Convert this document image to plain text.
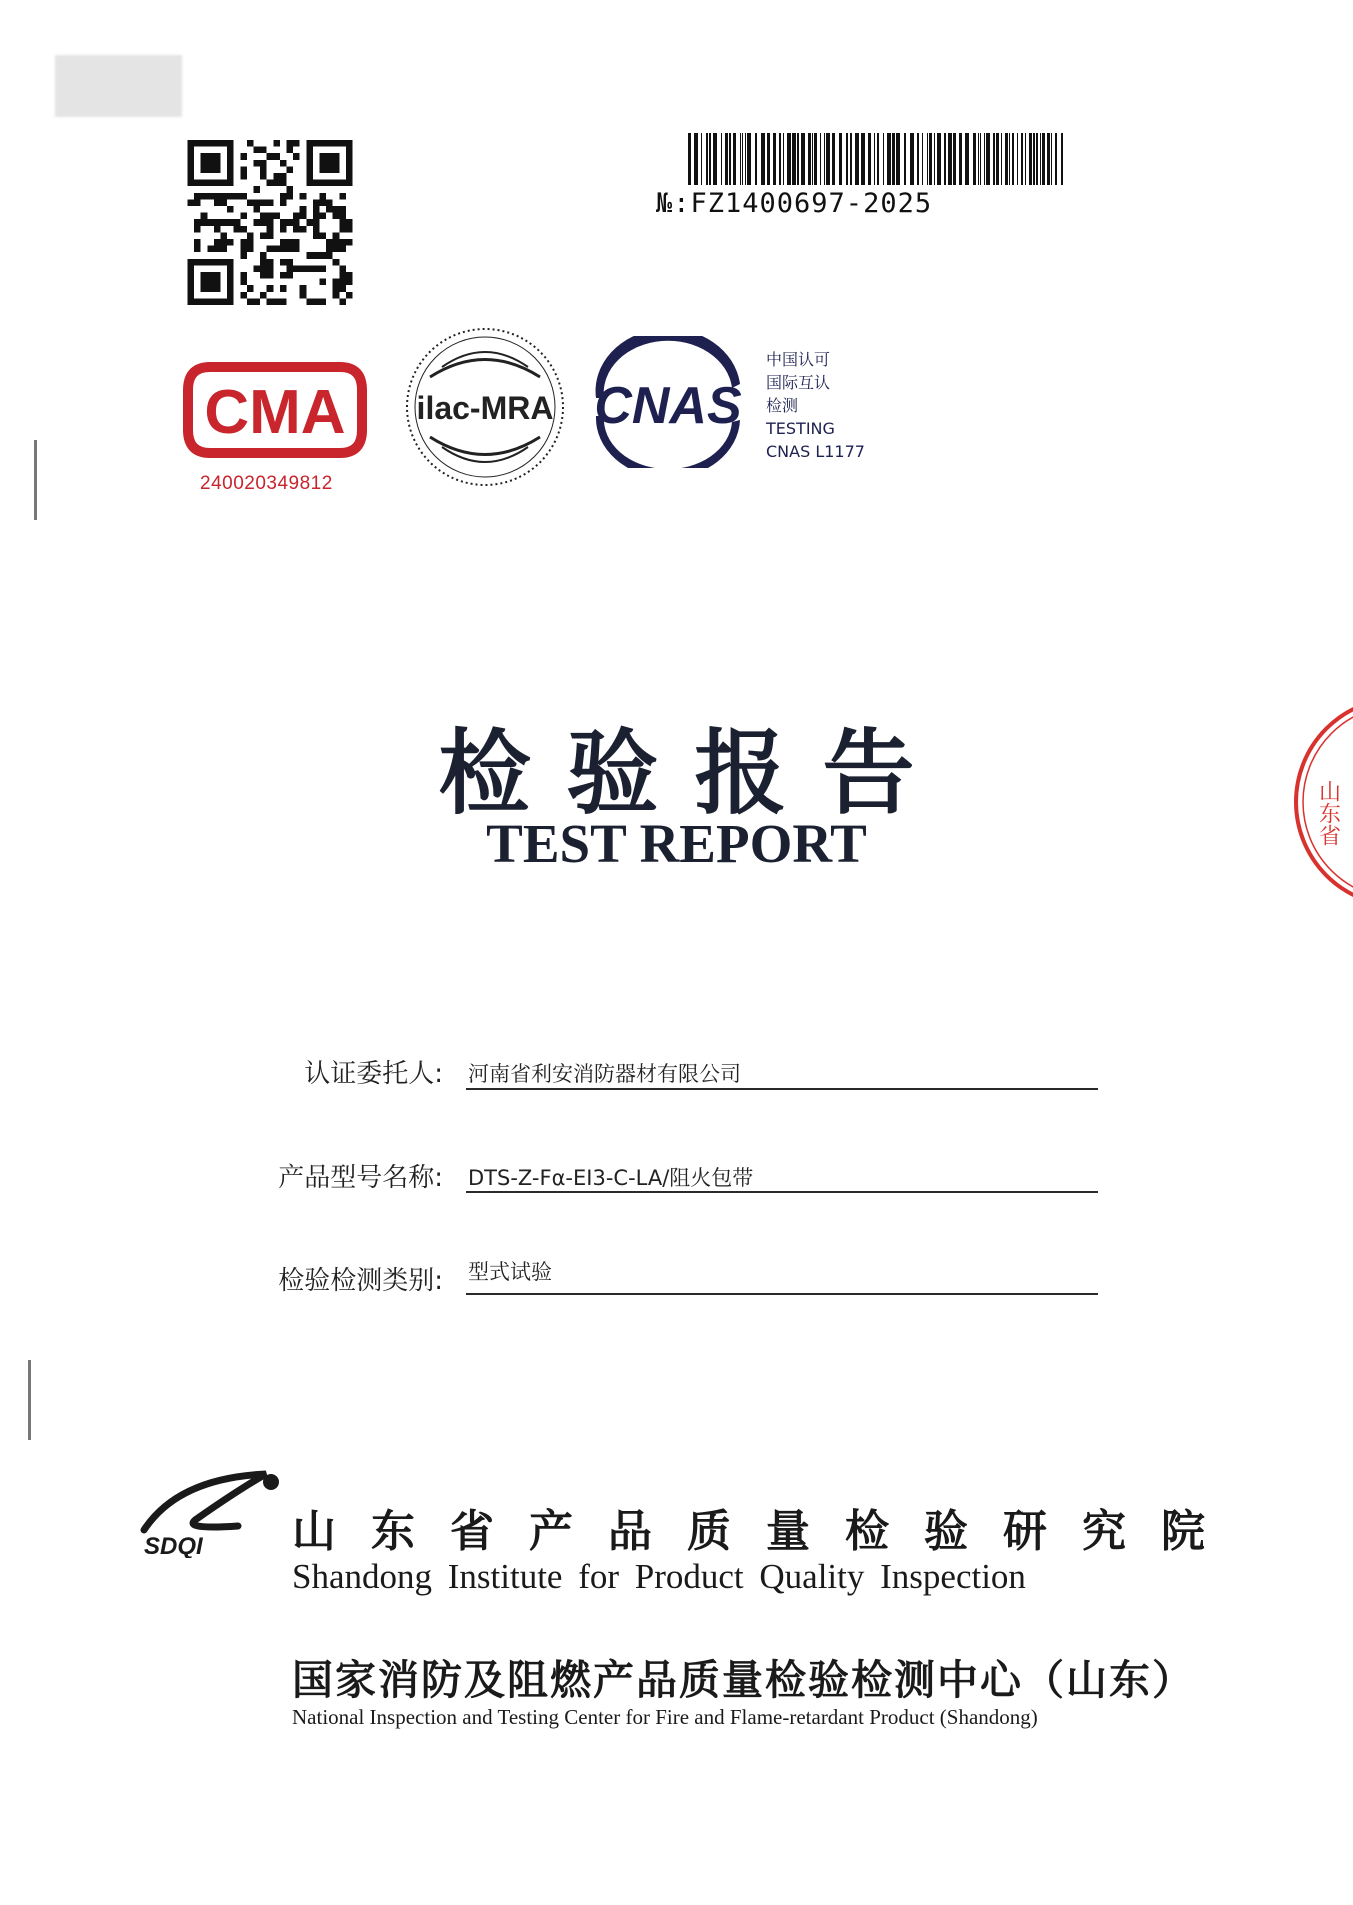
№:FZ1400697-2025
CMA
240020349812
ilac-MRA CNAS
中国认可
国际互认
检测
TESTING
CNAS L1177
检验报告
TEST REPORT
认证委托人: 河南省利安消防器材有限公司
产品型号名称: DTS-Z-Fα-EI3-C-LA/阻火包带
检验检测类别: 型式试验
SDQI 山东省产品质量检验研究院
Shandong Institute for Product Quality Inspection
国家消防及阻燃产品质量检验检测中心（山东）
National Inspection and Testing Center for Fire and Flame-retardant Product (Shandong)
山东省
